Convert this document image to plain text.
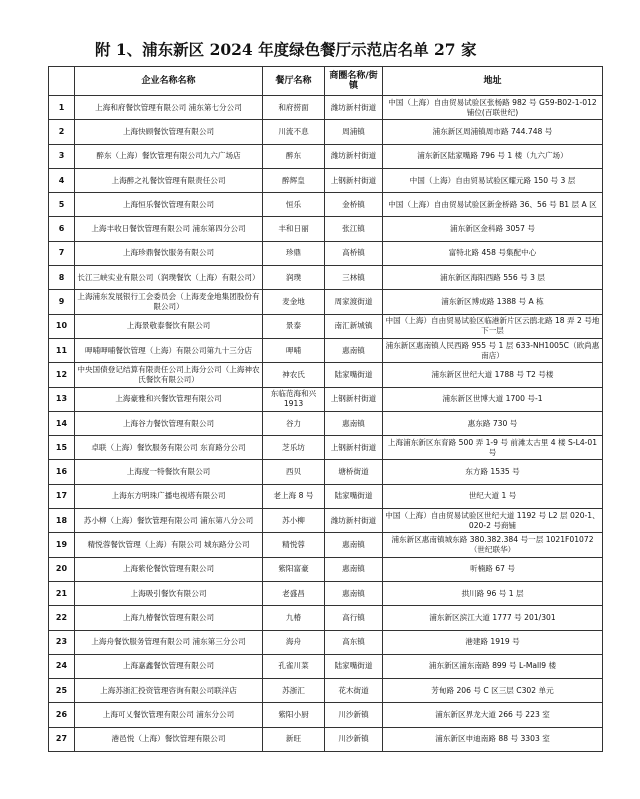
附 1、浦东新区 2024 年度绿色餐厅示范店名单 27 家
	企业名称名称	餐厅名称	商圈名称/街镇	地址
1	上海和府餐饮管理有限公司 浦东第七分公司	和府捞面	潍坊新村街道	中国（上海）自由贸易试验区张杨路 982 号 G59-B02-1-012 铺位(百联世纪)
2	上海快顾餐饮管理有限公司	川流不息	周浦镇	浦东新区周浦镇周市路 744.748 号
3	醉东（上海）餐饮管理有限公司九六广场店	醉东	潍坊新村街道	浦东新区陆家嘴路 796 号 1 楼（九六广场）
4	上海醉之礼餐饮管理有限责任公司	醉辉皇	上钢新村街道	中国（上海）自由贸易试验区耀元路 150 号 3 层
5	上海恒乐餐饮管理有限公司	恒乐	金桥镇	中国（上海）自由贸易试验区新金桥路 36、56 号 B1 层 A 区
6	上海丰收日餐饮管理有限公司 浦东第四分公司	丰和日丽	张江镇	浦东新区金科路 3057 号
7	上海珍鼎餐饮服务有限公司	珍鼎	高桥镇	富特北路 458 号集配中心
8	长江三峡实业有限公司（润璞餐饮（上海）有限公司）	润璞	三林镇	浦东新区海阳西路 556 号 3 层
9	上海浦东发展银行工会委员会（上海麦金地集团股份有限公司）	麦金地	周家渡街道	浦东新区博成路 1388 号 A 栋
10	上海景敬泰餐饮有限公司	景泰	南汇新城镇	中国（上海）自由贸易试验区临港新片区云鹃北路 18 弄 2 号地下一层
11	呷哺呷哺餐饮管理（上海）有限公司第九十三分店	呷哺	惠南镇	浦东新区惠南镇人民西路 955 号 1 层 633-NH1005C（欧尚惠南店）
12	中央国债登记结算有限责任公司上海分公司（上海神农氏餐饮有限公司）	神农氏	陆家嘴街道	浦东新区世纪大道 1788 号 T2 号楼
13	上海豪雅和兴餐饮管理有限公司	东临范海和兴 1913	上钢新村街道	浦东新区世博大道 1700 号-1
14	上海谷力餐饮管理有限公司	谷力	惠南镇	惠东路 730 号
15	卓联（上海）餐饮服务有限公司 东育路分公司	芝乐坊	上钢新村街道	上海浦东新区东育路 500 弄 1-9 号 前滩太古里 4 楼 S-L4-01 号
16	上海度一特餐饮有限公司	西贝	塘桥街道	东方路 1535 号
17	上海东方明珠广播电视塔有限公司	老上海 8 号	陆家嘴街道	世纪大道 1 号
18	苏小柳（上海）餐饮管理有限公司 浦东第八分公司	苏小柳	潍坊新村街道	中国（上海）自由贸易试验区世纪大道 1192 号 L2 层 020-1、020-2 号商铺
19	精悦蓉餐饮管理（上海）有限公司 城东路分公司	精悦蓉	惠南镇	浦东新区惠南镇城东路 380.382.384 号一层 1021F01072（世纪联华）
20	上海紫伦餐饮管理有限公司	紫阳富豪	惠南镇	听楠路 67 号
21	上海吸引餐饮有限公司	老盛昌	惠南镇	拱川路 96 号 1 层
22	上海九椿餐饮管理有限公司	九椿	高行镇	浦东新区滨江大道 1777 号 201/301
23	上海舟餐饮服务管理有限公司 浦东第三分公司	海舟	高东镇	港建路 1919 号
24	上海嘉鑫餐饮管理有限公司	孔雀川菜	陆家嘴街道	浦东新区浦东南路 899 号 L-Mall9 楼
25	上海苏浙汇投资管理咨询有限公司联洋店	苏浙汇	花木街道	芳甸路 206 号 C 区三层 C302 单元
26	上海可乂餐饮管理有限公司 浦东分公司	紫阳小厨	川沙新镇	浦东新区界龙大道 266 号 223 室
27	港邑悦（上海）餐饮管理有限公司	新旺	川沙新镇	浦东新区申迪南路 88 号 3303 室
